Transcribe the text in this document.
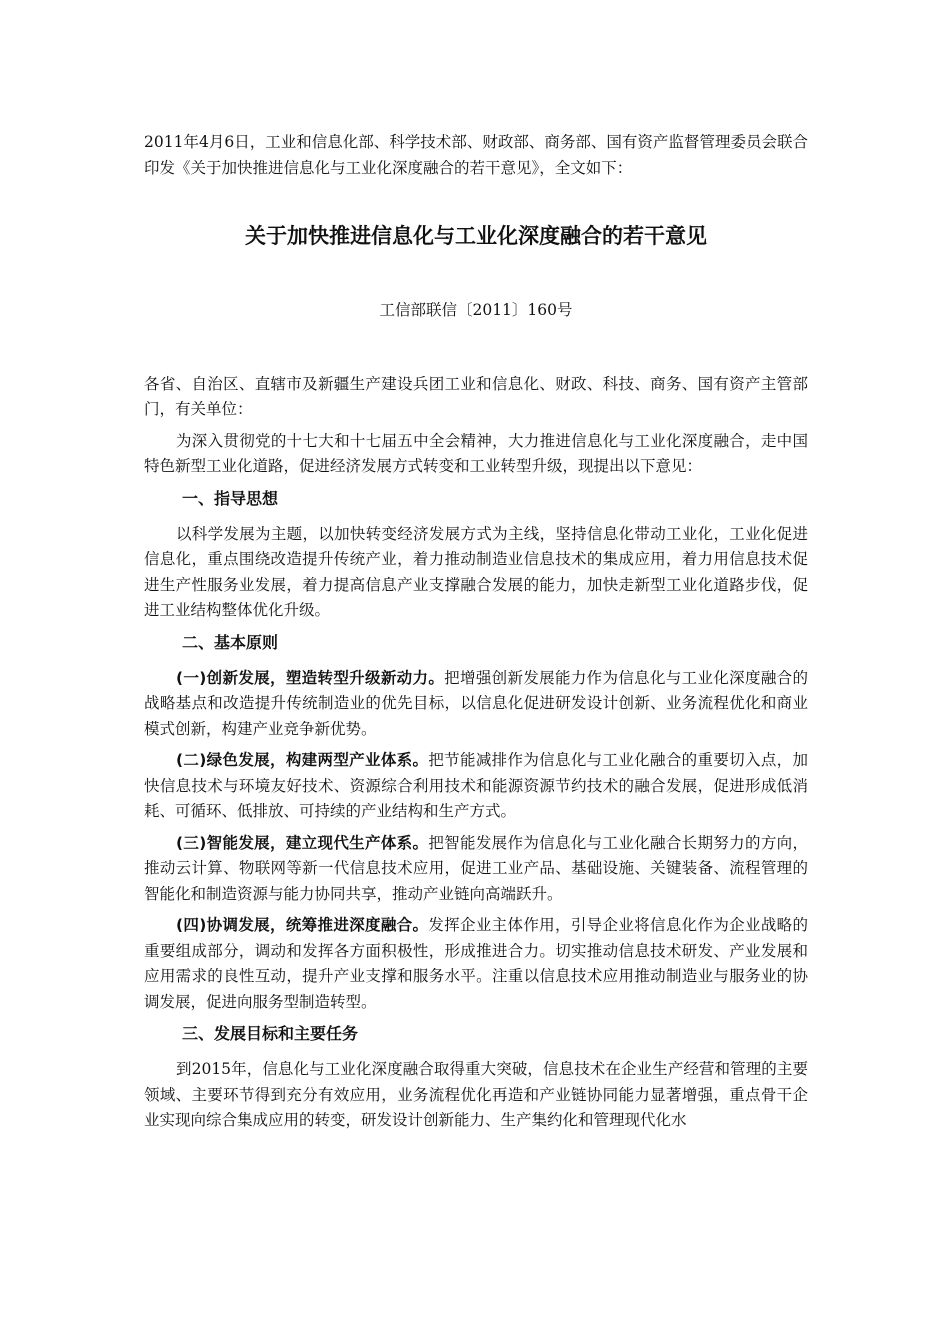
2011年4月6日，工业和信息化部、科学技术部、财政部、商务部、国有资产监督管理委员会联合印发《关于加快推进信息化与工业化深度融合的若干意见》，全文如下：

关于加快推进信息化与工业化深度融合的若干意见

工信部联信〔2011〕160号

各省、自治区、直辖市及新疆生产建设兵团工业和信息化、财政、科技、商务、国有资产主管部门，有关单位：

为深入贯彻党的十七大和十七届五中全会精神，大力推进信息化与工业化深度融合，走中国特色新型工业化道路，促进经济发展方式转变和工业转型升级，现提出以下意见：

一、指导思想

以科学发展为主题，以加快转变经济发展方式为主线，坚持信息化带动工业化，工业化促进信息化，重点围绕改造提升传统产业，着力推动制造业信息技术的集成应用，着力用信息技术促进生产性服务业发展，着力提高信息产业支撑融合发展的能力，加快走新型工业化道路步伐，促进工业结构整体优化升级。

二、基本原则

(一)创新发展，塑造转型升级新动力。把增强创新发展能力作为信息化与工业化深度融合的战略基点和改造提升传统制造业的优先目标，以信息化促进研发设计创新、业务流程优化和商业模式创新，构建产业竞争新优势。

(二)绿色发展，构建两型产业体系。把节能减排作为信息化与工业化融合的重要切入点，加快信息技术与环境友好技术、资源综合利用技术和能源资源节约技术的融合发展，促进形成低消耗、可循环、低排放、可持续的产业结构和生产方式。

(三)智能发展，建立现代生产体系。把智能发展作为信息化与工业化融合长期努力的方向，推动云计算、物联网等新一代信息技术应用，促进工业产品、基础设施、关键装备、流程管理的智能化和制造资源与能力协同共享，推动产业链向高端跃升。

(四)协调发展，统筹推进深度融合。发挥企业主体作用，引导企业将信息化作为企业战略的重要组成部分，调动和发挥各方面积极性，形成推进合力。切实推动信息技术研发、产业发展和应用需求的良性互动，提升产业支撑和服务水平。注重以信息技术应用推动制造业与服务业的协调发展，促进向服务型制造转型。

三、发展目标和主要任务

到2015年，信息化与工业化深度融合取得重大突破，信息技术在企业生产经营和管理的主要领域、主要环节得到充分有效应用，业务流程优化再造和产业链协同能力显著增强，重点骨干企业实现向综合集成应用的转变，研发设计创新能力、生产集约化和管理现代化水
